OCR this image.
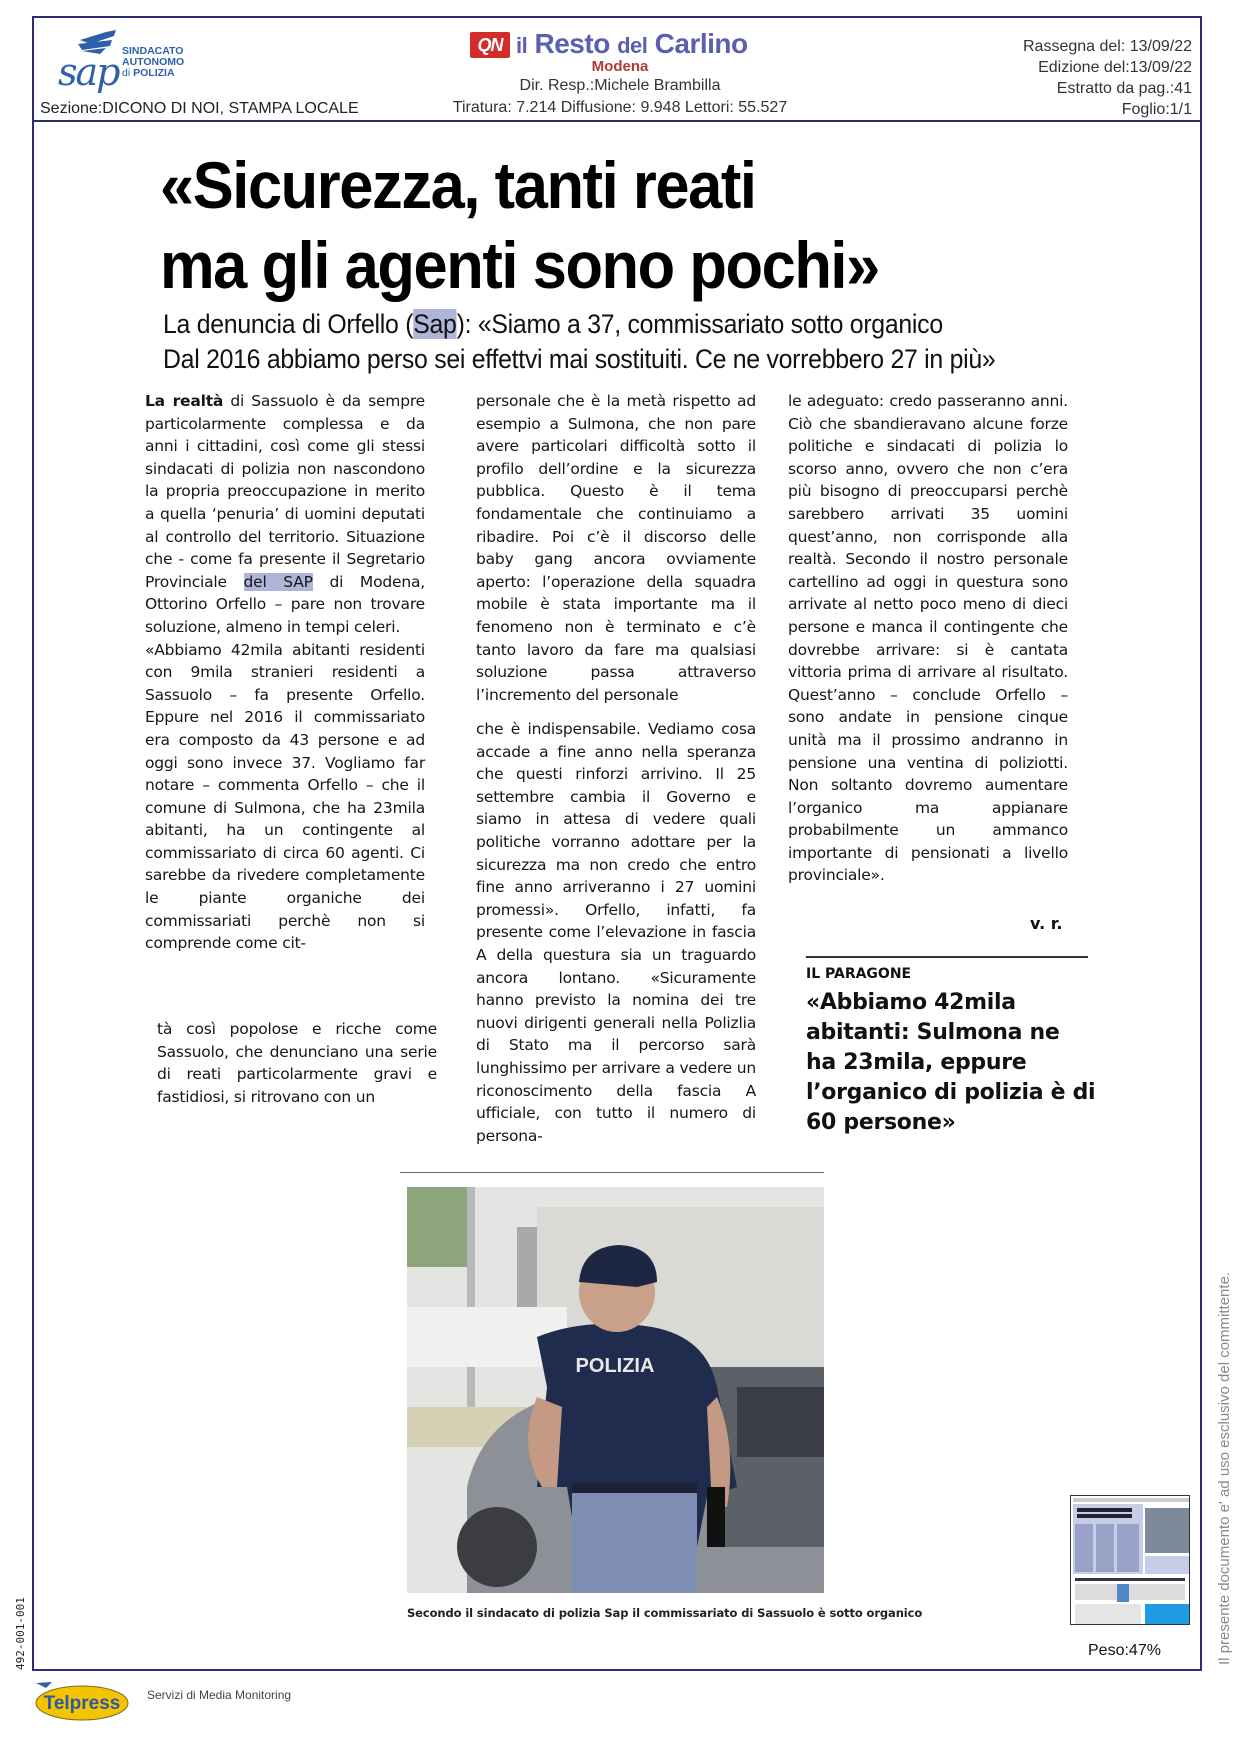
sap SINDACATO
AUTONOMO
di POLIZIA
Sezione:DICONO DI NOI, STAMPA LOCALE
QN il Resto del Carlino
Modena
Dir. Resp.:Michele Brambilla
Tiratura: 7.214 Diffusione: 9.948 Lettori: 55.527
Rassegna del: 13/09/22
Edizione del:13/09/22
Estratto da pag.:41
Foglio:1/1
«Sicurezza, tanti reati
ma gli agenti sono pochi»
La denuncia di Orfello (Sap): «Siamo a 37, commissariato sotto organico
Dal 2016 abbiamo perso sei effettvi mai sostituiti. Ce ne vorrebbero 27 in più»

La realtà di Sassuolo è da sempre particolarmente complessa e da anni i cittadini, così come gli stessi sindacati di polizia non nascondono la propria preoccupazione in merito a quella ‘penuria’ di uomini deputati al controllo del territorio. Situazione che - come fa presente il Segretario Provinciale del SAP di Modena, Ottorino Orfello – pare non trovare soluzione, almeno in tempi celeri.

«Abbiamo 42mila abitanti residenti con 9mila stranieri residenti a Sassuolo – fa presente Orfello. Eppure nel 2016 il commissariato era composto da 43 persone e ad oggi sono invece 37. Vogliamo far notare – commenta Orfello – che il comune di Sulmona, che ha 23mila abitanti, ha un contingente al commissariato di circa 60 agenti. Ci sarebbe da rivedere completamente le piante organiche dei commissariati perchè non si comprende come cit-

tà così popolose e ricche come Sassuolo, che denunciano una serie di reati particolarmente gravi e fastidiosi, si ritrovano con un

personale che è la metà rispetto ad esempio a Sulmona, che non pare avere particolari difficoltà sotto il profilo dell’ordine e la sicurezza pubblica. Questo è il tema fondamentale che continuiamo a ribadire. Poi c’è il discorso delle baby gang ancora ovviamente aperto: l’operazione della squadra mobile è stata importante ma il fenomeno non è terminato e c’è tanto lavoro da fare ma qualsiasi soluzione passa attraverso l’incremento del personale

che è indispensabile. Vediamo cosa accade a fine anno nella speranza che questi rinforzi arrivino. Il 25 settembre cambia il Governo e siamo in attesa di vedere quali politiche vorranno adottare per la sicurezza ma non credo che entro fine anno arriveranno i 27 uomini promessi». Orfello, infatti, fa presente come l’elevazione in fascia A della questura sia un traguardo ancora lontano. «Sicuramente hanno previsto la nomina dei tre nuovi dirigenti generali nella Polizlia di Stato ma il percorso sarà lunghissimo per arrivare a vedere un riconoscimento della fascia A ufficiale, con tutto il numero di persona-

le adeguato: credo passeranno anni. Ciò che sbandieravano alcune forze politiche e sindacati di polizia lo scorso anno, ovvero che non c’era più bisogno di preoccuparsi perchè sarebbero arrivati 35 uomini quest’anno, non corrisponde alla realtà. Secondo il nostro personale cartellino ad oggi in questura sono arrivate al netto poco meno di dieci persone e manca il contingente che dovrebbe arrivare: si è cantata vittoria prima di arrivare al risultato. Quest’anno – conclude Orfello – sono andate in pensione cinque unità ma il prossimo andranno in pensione una ventina di poliziotti. Non soltanto dovremo aumentare l’organico ma appianare probabilmente un ammanco importante di pensionati a livello provinciale».

v. r.
IL PARAGONE
«Abbiamo 42mila abitanti: Sulmona ne ha 23mila, eppure l’organico di polizia è di 60 persone»
POLIZIA
Secondo il sindacato di polizia Sap il commissariato di Sassuolo è sotto organico
Peso:47%	Il presente documento e' ad uso esclusivo del committente.
492-001-001
Telpress Servizi di Media Monitoring
